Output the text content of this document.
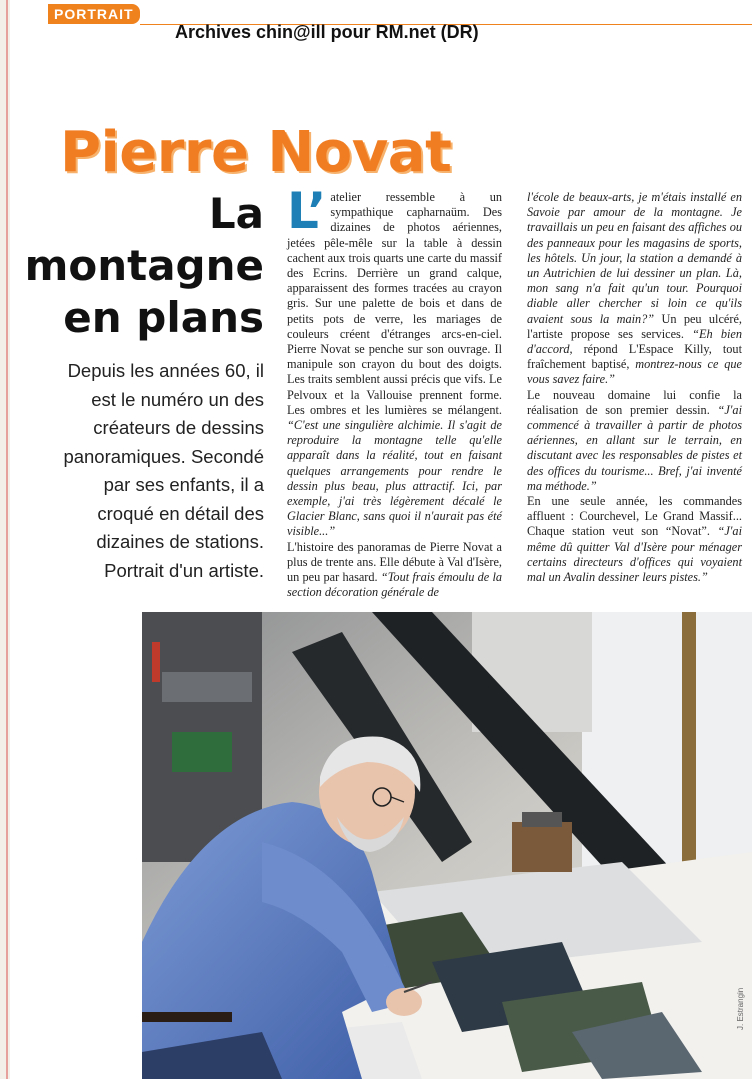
PORTRAIT
Archives chin@ill pour RM.net (DR)
Pierre Novat
La
montagne
en plans
Depuis les années 60, il est le numéro un des créateurs de dessins panoramiques. Secondé par ses enfants, il a croqué en détail des dizaines de stations. Portrait d'un artiste.

L’ atelier ressemble à un sympathique capharnaüm. Des dizaines de photos aériennes, jetées pêle-mêle sur la table à dessin cachent aux trois quarts une carte du massif des Ecrins. Derrière un grand calque, apparaissent des formes tracées au crayon gris. Sur une palette de bois et dans de petits pots de verre, les mariages de couleurs créent d'étranges arcs-en-ciel. Pierre Novat se penche sur son ouvrage. Il manipule son crayon du bout des doigts. Les traits semblent aussi précis que vifs. Le Pelvoux et la Vallouise prennent forme. Les ombres et les lumières se mélangent. “C'est une singulière alchimie. Il s'agit de reproduire la montagne telle qu'elle apparaît dans la réalité, tout en faisant quelques arrangements pour rendre le dessin plus beau, plus attractif. Ici, par exemple, j'ai très légèrement décalé le Glacier Blanc, sans quoi il n'aurait pas été visible...”

L'histoire des panoramas de Pierre Novat a plus de trente ans. Elle débute à Val d'Isère, un peu par hasard. “Tout frais émoulu de la section décoration générale de

l'école de beaux-arts, je m'étais installé en Savoie par amour de la montagne. Je travaillais un peu en faisant des affiches ou des panneaux pour les magasins de sports, les hôtels. Un jour, la station a demandé à un Autrichien de lui dessiner un plan. Là, mon sang n'a fait qu'un tour. Pourquoi diable aller chercher si loin ce qu'ils avaient sous la main?” Un peu ulcéré, l'artiste propose ses services. “Eh bien d'accord, répond L'Espace Killy, tout fraîchement baptisé, montrez-nous ce que vous savez faire.”

Le nouveau domaine lui confie la réalisation de son premier dessin. “J'ai commencé à travailler à partir de photos aériennes, en allant sur le terrain, en discutant avec les responsables de pistes et des offices du tourisme... Bref, j'ai inventé ma méthode.”

En une seule année, les commandes affluent : Courchevel, Le Grand Massif... Chaque station veut son “Novat”. “J'ai même dû quitter Val d'Isère pour ménager certains directeurs d'offices qui voyaient mal un Avalin dessiner leurs pistes.”

J. Estrangin
